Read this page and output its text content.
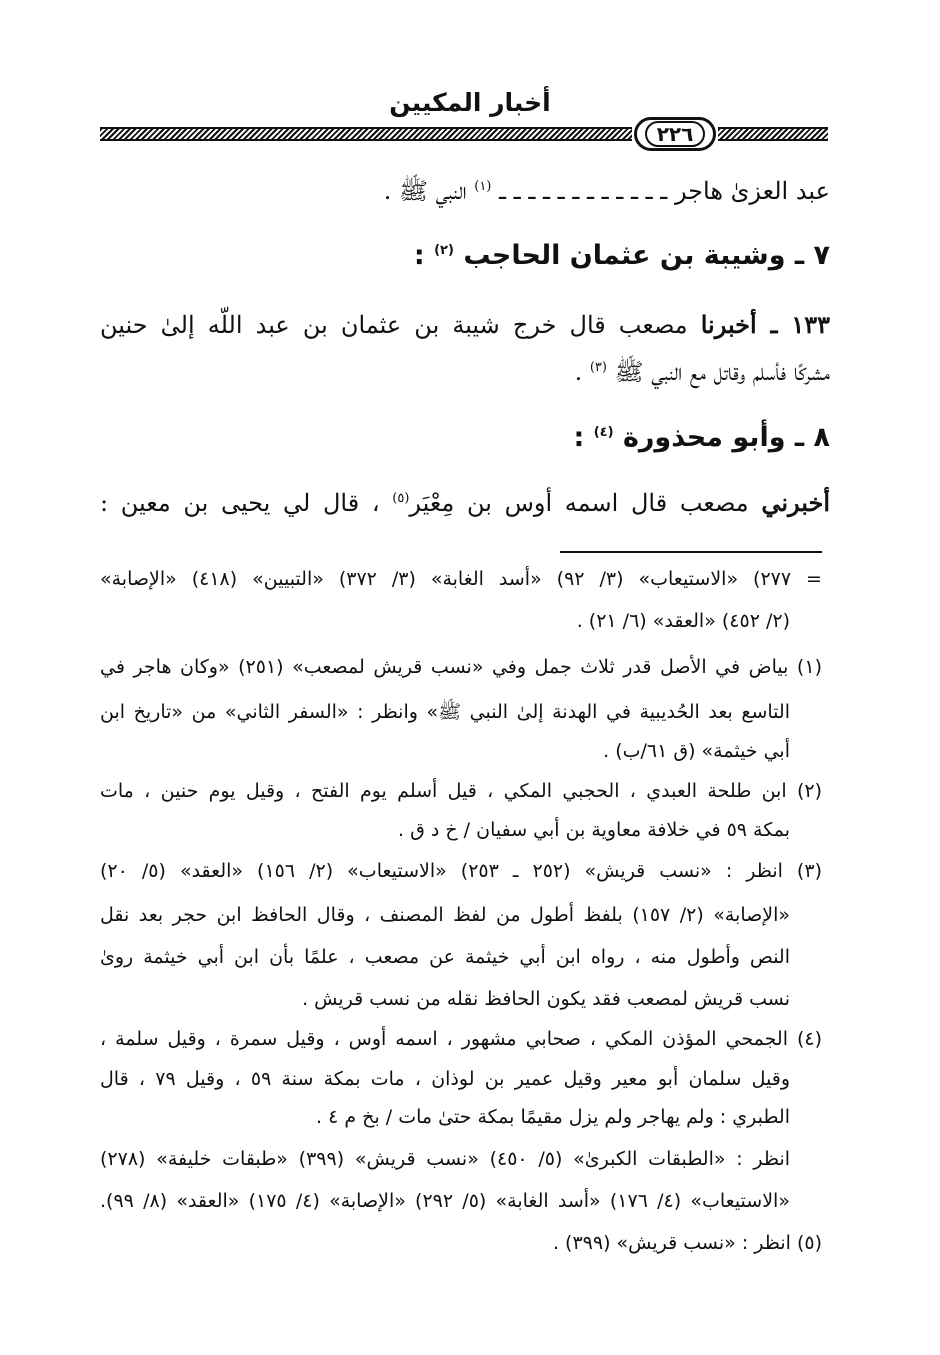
أخبار المكيين
٢٢٦
عبد العزىٰ هاجر ـ ـ ـ ـ ـ ـ ـ ـ ـ ـ ـ ـ $^{(١)}$ النبي ﷺ .
٧ ـ وشيبة بن عثمان الحاجب $^{(٢)}$ :
١٣٣ ـ أخبرنا مصعب قال خرج شيبة بن عثمان بن عبد اللّه إلىٰ حنين
مشركًا فأسلم وقاتل مع النبي ﷺ $^{(٣)}$ .
٨ ـ وأبو محذورة $^{(٤)}$ :
أخبرني مصعب قال اسمه أوس بن مِعْيَر$^{(٥)}$ ، قال لي يحيى بن معين :
= ٢٧٧) «الاستيعاب» (٣/ ٩٢) «أسد الغابة» (٣/ ٣٧٢) «التبيين» (٤١٨) «الإصابة»
(٢/ ٤٥٢) «العقد» (٦/ ٢١) .
(١) بياض في الأصل قدر ثلاث جمل وفي «نسب قريش لمصعب» (٢٥١) «وكان هاجر في
التاسع بعد الحُديبية في الهدنة إلىٰ النبي ﷺ» وانظر : «السفر الثاني» من «تاريخ ابن
أبي خيثمة» (ق ٦١/ب) .
(٢) ابن طلحة العبدي ، الحجبي المكي ، قيل أسلم يوم الفتح ، وقيل يوم حنين ، مات
بمكة ٥٩ في خلافة معاوية بن أبي سفيان / خ د ق .
(٣) انظر : «نسب قريش» (٢٥٢ ـ ٢٥٣) «الاستيعاب» (٢/ ١٥٦) «العقد» (٥/ ٢٠)
«الإصابة» (٢/ ١٥٧) بلفظ أطول من لفظ المصنف ، وقال الحافظ ابن حجر بعد نقل
النص وأطول منه ، رواه ابن أبي خيثمة عن مصعب ، علمًا بأن ابن أبي خيثمة روىٰ
نسب قريش لمصعب فقد يكون الحافظ نقله من نسب قريش .
(٤) الجمحي المؤذن المكي ، صحابي مشهور ، اسمه أوس ، وقيل سمرة ، وقيل سلمة ،
وقيل سلمان أبو معير وقيل عمير بن لوذان ، مات بمكة سنة ٥٩ ، وقيل ٧٩ ، قال
الطبري : ولم يهاجر ولم يزل مقيمًا بمكة حتىٰ مات / بخ م ٤ .
انظر : «الطبقات الكبرىٰ» (٥/ ٤٥٠) «نسب قريش» (٣٩٩) «طبقات خليفة» (٢٧٨)
«الاستيعاب» (٤/ ١٧٦) «أسد الغابة» (٥/ ٢٩٢) «الإصابة» (٤/ ١٧٥) «العقد» (٨/ ٩٩).
(٥) انظر : «نسب قريش» (٣٩٩) .
